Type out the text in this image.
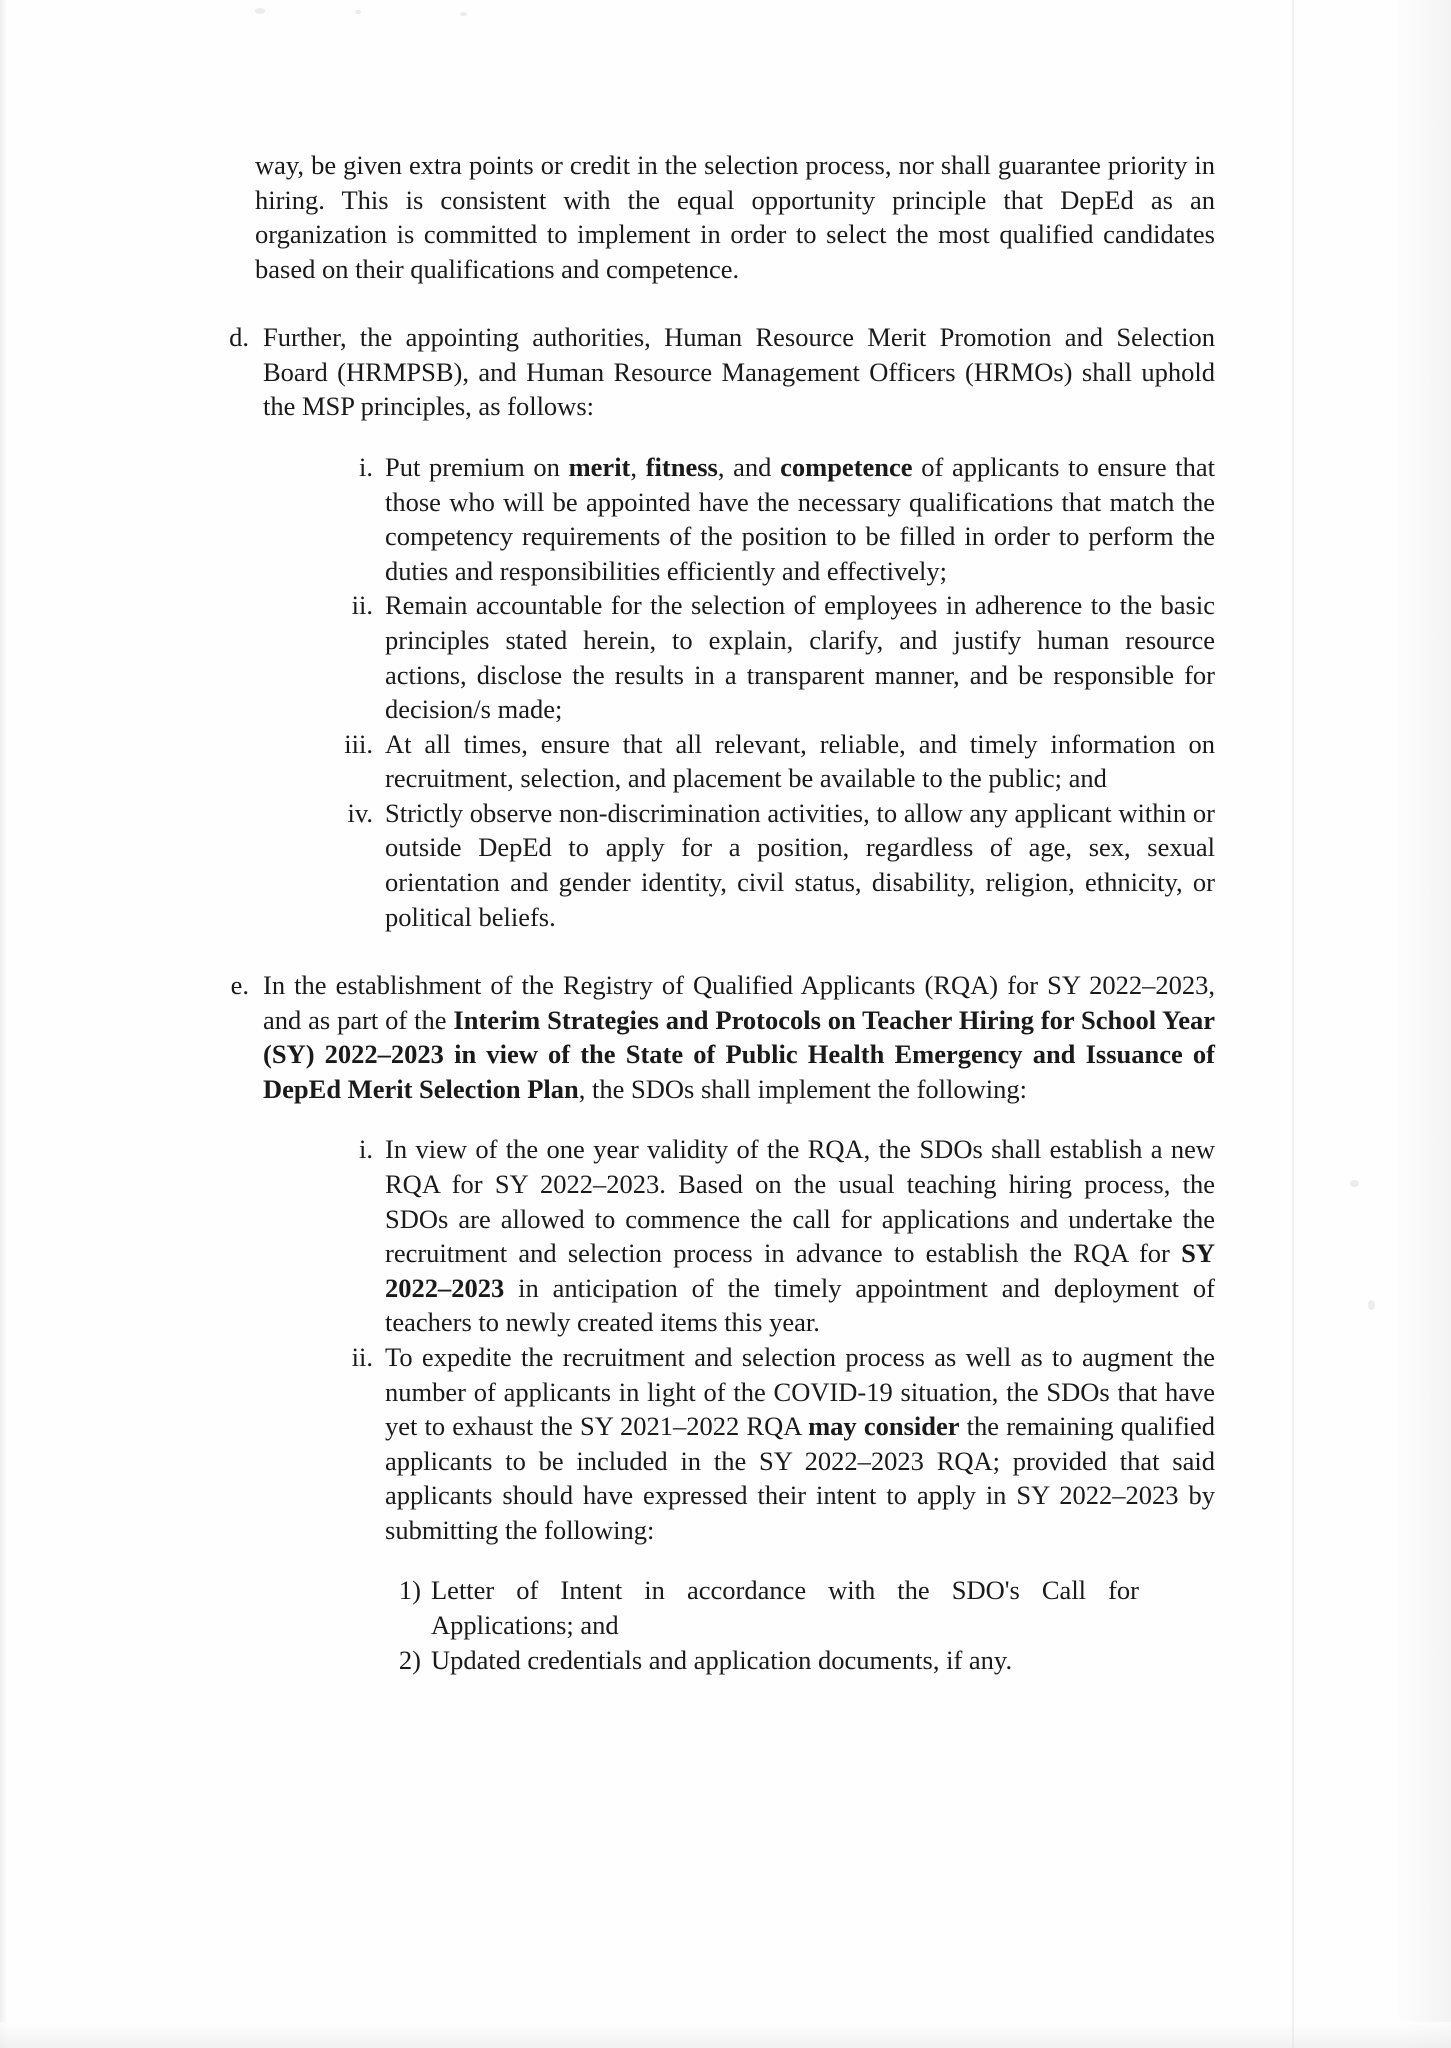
way, be given extra points or credit in the selection process, nor shall guarantee priority in hiring. This is consistent with the equal opportunity principle that DepEd as an organization is committed to implement in order to select the most qualified candidates based on their qualifications and competence.

d. Further, the appointing authorities, Human Resource Merit Promotion and Selection Board (HRMPSB), and Human Resource Management Officers (HRMOs) shall uphold the MSP principles, as follows:
i. Put premium on merit, fitness, and competence of applicants to ensure that those who will be appointed have the necessary qualifications that match the competency requirements of the position to be filled in order to perform the duties and responsibilities efficiently and effectively;
ii. Remain accountable for the selection of employees in adherence to the basic principles stated herein, to explain, clarify, and justify human resource actions, disclose the results in a transparent manner, and be responsible for decision/s made;
iii. At all times, ensure that all relevant, reliable, and timely information on recruitment, selection, and placement be available to the public; and
iv. Strictly observe non-discrimination activities, to allow any applicant within or outside DepEd to apply for a position, regardless of age, sex, sexual orientation and gender identity, civil status, disability, religion, ethnicity, or political beliefs.
e. In the establishment of the Registry of Qualified Applicants (RQA) for SY 2022–2023, and as part of the Interim Strategies and Protocols on Teacher Hiring for School Year (SY) 2022–2023 in view of the State of Public Health Emergency and Issuance of DepEd Merit Selection Plan, the SDOs shall implement the following:
i. In view of the one year validity of the RQA, the SDOs shall establish a new RQA for SY 2022–2023. Based on the usual teaching hiring process, the SDOs are allowed to commence the call for applications and undertake the recruitment and selection process in advance to establish the RQA for SY 2022–2023 in anticipation of the timely appointment and deployment of teachers to newly created items this year.
ii. To expedite the recruitment and selection process as well as to augment the number of applicants in light of the COVID-19 situation, the SDOs that have yet to exhaust the SY 2021–2022 RQA may consider the remaining qualified applicants to be included in the SY 2022–2023 RQA; provided that said applicants should have expressed their intent to apply in SY 2022–2023 by submitting the following:
1) Letter of Intent in accordance with the SDO's Call for Applications; and
2) Updated credentials and application documents, if any.
